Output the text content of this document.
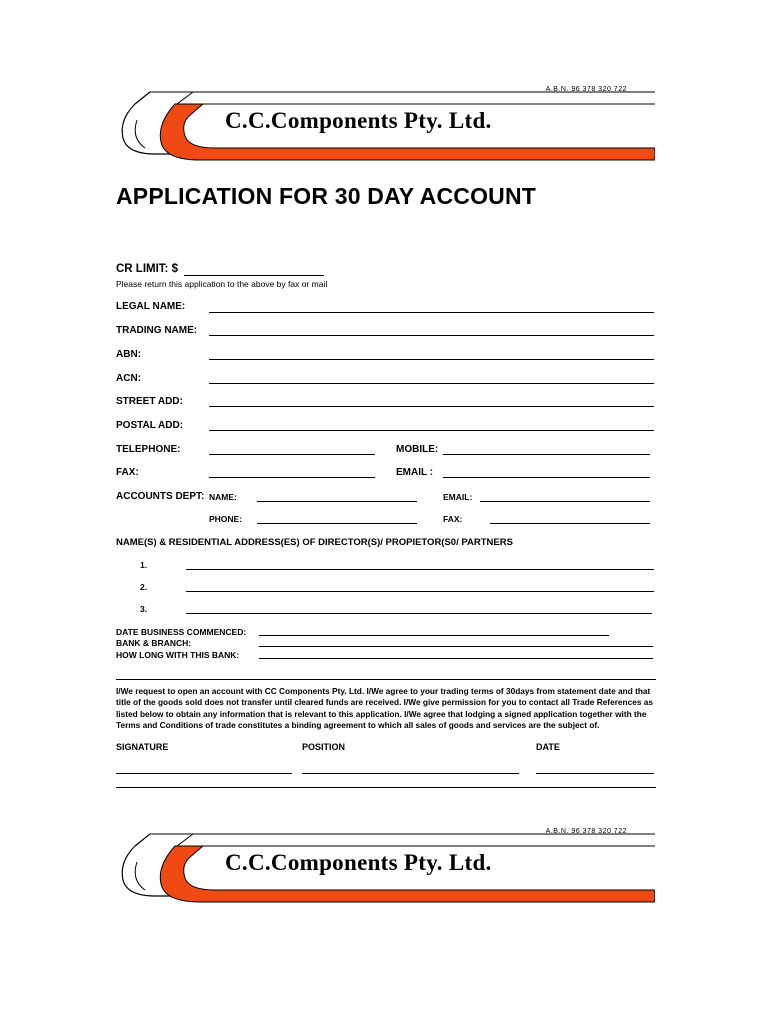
A.B.N. 96 378 320 722
C.C.Components Pty. Ltd.
APPLICATION FOR 30 DAY ACCOUNT
CR LIMIT: $
Please return this application to the above by fax or mail
LEGAL NAME:
TRADING NAME:
ABN:
ACN:
STREET ADD:
POSTAL ADD:
TELEPHONE:	MOBILE:
FAX:	EMAIL :
ACCOUNTS DEPT: NAME:	EMAIL:
PHONE:	FAX:
NAME(S) & RESIDENTIAL ADDRESS(ES) OF DIRECTOR(S)/ PROPIETOR(S0/ PARTNERS
1.
2.
3.
DATE BUSINESS COMMENCED:
BANK & BRANCH:
HOW LONG WITH THIS BANK:
I/We request to open an account with CC Components Pty. Ltd. I/We agree to your trading terms of 30days from statement date and that title of the goods sold does not transfer until cleared funds are received. I/We give permission for you to contact all Trade References as listed below to obtain any information that is relevant to this application. I/We agree that lodging a signed application together with the Terms and Conditions of trade constitutes a binding agreement to which all sales of goods and services are the subject of.
SIGNATURE	POSITION	DATE
A.B.N. 96 378 320 722
C.C.Components Pty. Ltd.
